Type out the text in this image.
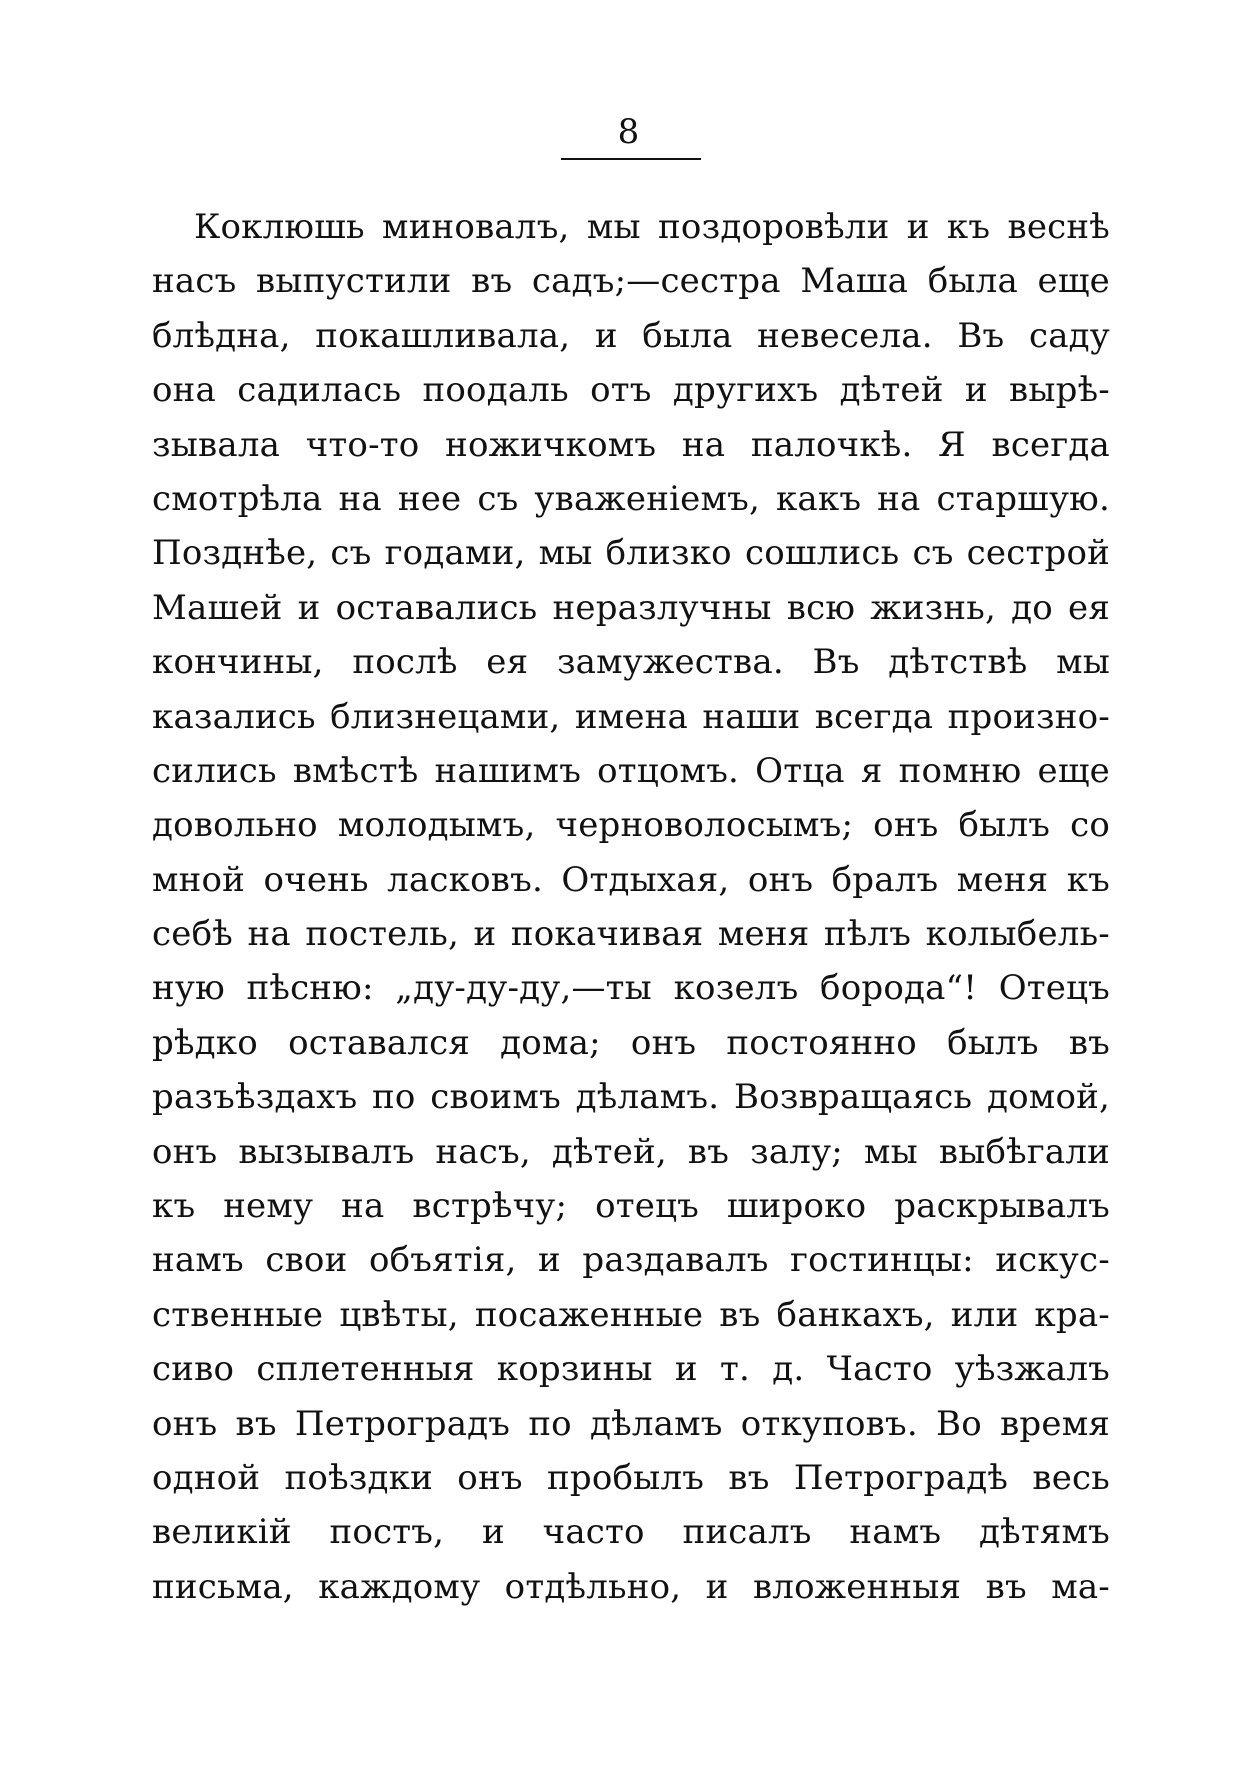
8
Коклюшь миновалъ, мы поздоровѣли и къ веснѣ
насъ выпустили въ садъ;—сестра Маша была еще
блѣдна, покашливала, и была невесела. Въ саду
она садилась поодаль отъ другихъ дѣтей и вырѣ-
зывала что-то ножичкомъ на палочкѣ. Я всегда
смотрѣла на нее съ уваженіемъ, какъ на старшую.
Позднѣе, съ годами, мы близко сошлись съ сестрой
Машей и оставались неразлучны всю жизнь, до ея
кончины, послѣ ея замужества. Въ дѣтствѣ мы
казались близнецами, имена наши всегда произно-
сились вмѣстѣ нашимъ отцомъ. Отца я помню еще
довольно молодымъ, черноволосымъ; онъ былъ со
мной очень ласковъ. Отдыхая, онъ бралъ меня къ
себѣ на постель, и покачивая меня пѣлъ колыбель-
ную пѣсню: „ду-ду-ду,—ты козелъ борода“! Отецъ
рѣдко оставался дома; онъ постоянно былъ въ
разъѣздахъ по своимъ дѣламъ. Возвращаясь домой,
онъ вызывалъ насъ, дѣтей, въ залу; мы выбѣгали
къ нему на встрѣчу; отецъ широко раскрывалъ
намъ свои объятія, и раздавалъ гостинцы: искус-
ственные цвѣты, посаженные въ банкахъ, или кра-
сиво сплетенныя корзины и т. д. Часто уѣзжалъ
онъ въ Петроградъ по дѣламъ откуповъ. Во время
одной поѣздки онъ пробылъ въ Петроградѣ весь
великій постъ, и часто писалъ намъ дѣтямъ
письма, каждому отдѣльно, и вложенныя въ ма-
